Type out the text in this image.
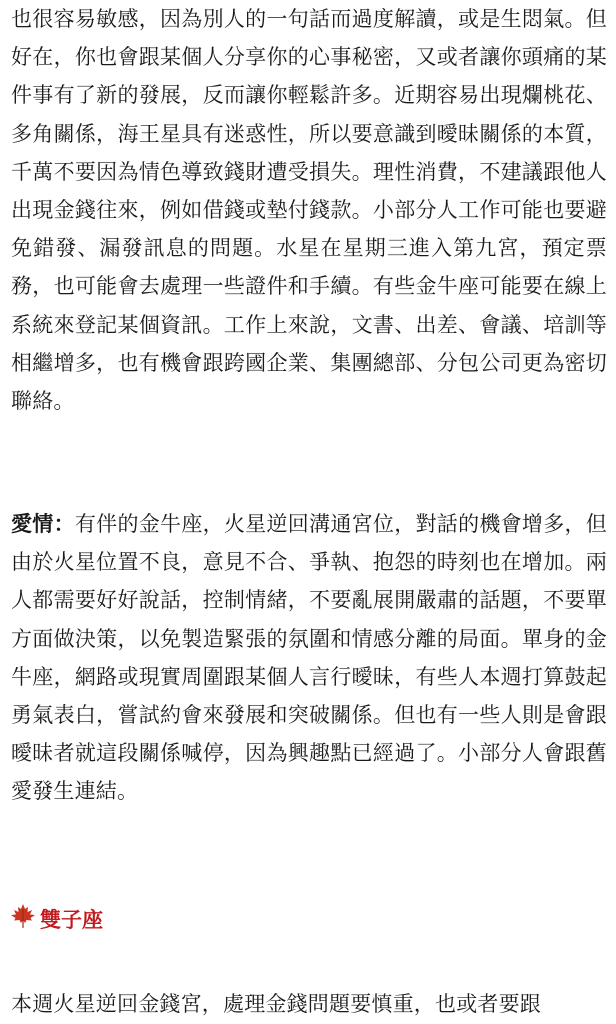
也很容易敏感，因為別人的一句話而過度解讀，或是生悶氣。但好在，你也會跟某個人分享你的心事秘密，又或者讓你頭痛的某件事有了新的發展，反而讓你輕鬆許多。近期容易出現爛桃花、多角關係，海王星具有迷惑性，所以要意識到曖昧關係的本質，千萬不要因為情色導致錢財遭受損失。理性消費，不建議跟他人出現金錢往來，例如借錢或墊付錢款。小部分人工作可能也要避免錯發、漏發訊息的問題。水星在星期三進入第九宮，預定票務，也可能會去處理一些證件和手續。有些金牛座可能要在線上系統來登記某個資訊。工作上來說，文書、出差、會議、培訓等相繼增多，也有機會跟跨國企業、集團總部、分包公司更為密切聯絡。

愛情：有伴的金牛座，火星逆回溝通宮位，對話的機會增多，但由於火星位置不良，意見不合、爭執、抱怨的時刻也在增加。兩人都需要好好說話，控制情緒，不要亂展開嚴肅的話題，不要單方面做決策，以免製造緊張的氛圍和情感分離的局面。單身的金牛座，網路或現實周圍跟某個人言行曖昧，有些人本週打算鼓起勇氣表白，嘗試約會來發展和突破關係。但也有一些人則是會跟曖昧者就這段關係喊停，因為興趣點已經過了。小部分人會跟舊愛發生連結。

雙子座

本週火星逆回金錢宮，處理金錢問題要慎重，也或者要跟
